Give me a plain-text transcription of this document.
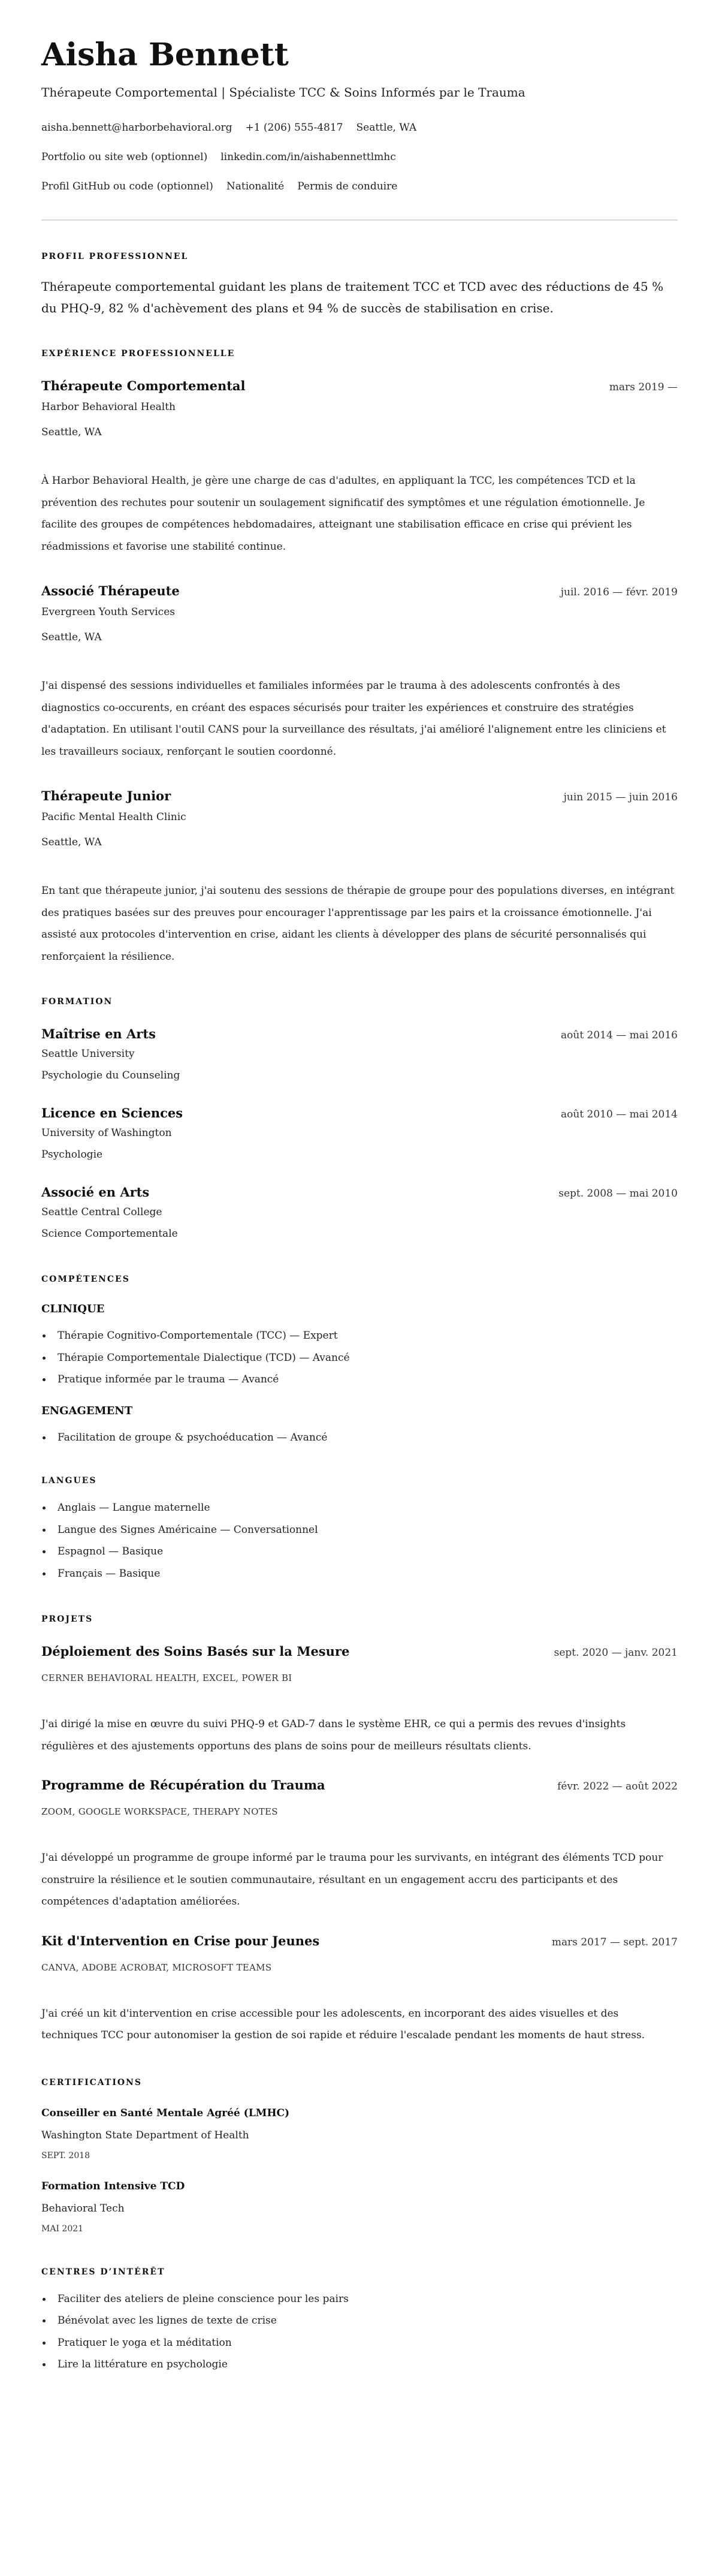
Aisha Bennett
Thérapeute Comportemental | Spécialiste TCC & Soins Informés par le Trauma
aisha.bennett@harborbehavioral.org +1 (206) 555-4817 Seattle, WA
Portfolio ou site web (optionnel) linkedin.com/in/aishabennettlmhc
Profil GitHub ou code (optionnel) Nationalité Permis de conduire
PROFIL PROFESSIONNEL
Thérapeute comportemental guidant les plans de traitement TCC et TCD avec des réductions de 45 % du PHQ-9, 82 % d'achèvement des plans et 94 % de succès de stabilisation en crise.
EXPÉRIENCE PROFESSIONNELLE
Thérapeute Comportemental	mars 2019 —
Harbor Behavioral Health
Seattle, WA
À Harbor Behavioral Health, je gère une charge de cas d'adultes, en appliquant la TCC, les compétences TCD et la prévention des rechutes pour soutenir un soulagement significatif des symptômes et une régulation émotionnelle. Je facilite des groupes de compétences hebdomadaires, atteignant une stabilisation efficace en crise qui prévient les réadmissions et favorise une stabilité continue.
Associé Thérapeute	juil. 2016 — févr. 2019
Evergreen Youth Services
Seattle, WA
J'ai dispensé des sessions individuelles et familiales informées par le trauma à des adolescents confrontés à des diagnostics co-occurents, en créant des espaces sécurisés pour traiter les expériences et construire des stratégies d'adaptation. En utilisant l'outil CANS pour la surveillance des résultats, j'ai amélioré l'alignement entre les cliniciens et les travailleurs sociaux, renforçant le soutien coordonné.
Thérapeute Junior	juin 2015 — juin 2016
Pacific Mental Health Clinic
Seattle, WA
En tant que thérapeute junior, j'ai soutenu des sessions de thérapie de groupe pour des populations diverses, en intégrant des pratiques basées sur des preuves pour encourager l'apprentissage par les pairs et la croissance émotionnelle. J'ai assisté aux protocoles d'intervention en crise, aidant les clients à développer des plans de sécurité personnalisés qui renforçaient la résilience.
FORMATION
Maîtrise en Arts	août 2014 — mai 2016
Seattle University
Psychologie du Counseling
Licence en Sciences	août 2010 — mai 2014
University of Washington
Psychologie
Associé en Arts	sept. 2008 — mai 2010
Seattle Central College
Science Comportementale
COMPÉTENCES
CLINIQUE
Thérapie Cognitivo-Comportementale (TCC) — Expert
Thérapie Comportementale Dialectique (TCD) — Avancé
Pratique informée par le trauma — Avancé
ENGAGEMENT
Facilitation de groupe & psychoéducation — Avancé
LANGUES
Anglais — Langue maternelle
Langue des Signes Américaine — Conversationnel
Espagnol — Basique
Français — Basique
PROJETS
Déploiement des Soins Basés sur la Mesure	sept. 2020 — janv. 2021
CERNER BEHAVIORAL HEALTH, EXCEL, POWER BI
J'ai dirigé la mise en œuvre du suivi PHQ-9 et GAD-7 dans le système EHR, ce qui a permis des revues d'insights régulières et des ajustements opportuns des plans de soins pour de meilleurs résultats clients.
Programme de Récupération du Trauma	févr. 2022 — août 2022
ZOOM, GOOGLE WORKSPACE, THERAPY NOTES
J'ai développé un programme de groupe informé par le trauma pour les survivants, en intégrant des éléments TCD pour construire la résilience et le soutien communautaire, résultant en un engagement accru des participants et des compétences d'adaptation améliorées.
Kit d'Intervention en Crise pour Jeunes	mars 2017 — sept. 2017
CANVA, ADOBE ACROBAT, MICROSOFT TEAMS
J'ai créé un kit d'intervention en crise accessible pour les adolescents, en incorporant des aides visuelles et des techniques TCC pour autonomiser la gestion de soi rapide et réduire l'escalade pendant les moments de haut stress.
CERTIFICATIONS
Conseiller en Santé Mentale Agréé (LMHC)
Washington State Department of Health
SEPT. 2018
Formation Intensive TCD
Behavioral Tech
MAI 2021
CENTRES D’INTÉRÊT
Faciliter des ateliers de pleine conscience pour les pairs
Bénévolat avec les lignes de texte de crise
Pratiquer le yoga et la méditation
Lire la littérature en psychologie
